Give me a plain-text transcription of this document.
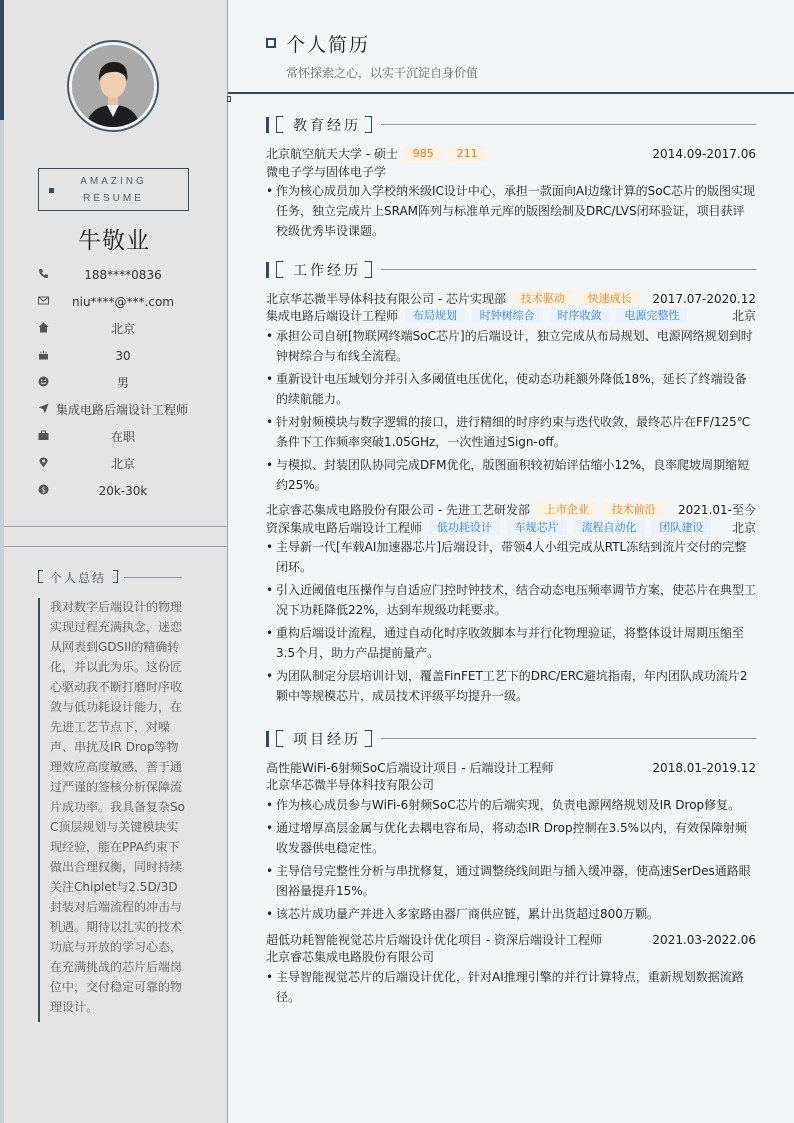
AMAZING
RESUME
牛敬业
188****0836
niu****@***.com
北京
30
男
集成电路后端设计工程师
在职
北京
$	20k-30k
个人总结
我对数字后端设计的物理实现过程充满执念，迷恋从网表到GDSII的精确转化，并以此为乐。这份匠心驱动我不断打磨时序收敛与低功耗设计能力，在先进工艺节点下，对噪声、串扰及IR Drop等物理效应高度敏感，善于通过严谨的签核分析保障流片成功率。我具备复杂SoC顶层规划与关键模块实现经验，能在PPA约束下做出合理权衡，同时持续关注Chiplet与2.5D/3D封装对后端流程的冲击与机遇。期待以扎实的技术功底与开放的学习心态，在充满挑战的芯片后端岗位中，交付稳定可靠的物理设计。
个人简历
常怀探索之心，以实干沉淀自身价值
教育经历
北京航空航天大学 - 硕士 985 211	2014.09-2017.06
微电子学与固体电子学
• 作为核心成员加入学校纳米级IC设计中心，承担一款面向AI边缘计算的SoC芯片的版图实现任务，独立完成片上SRAM阵列与标准单元库的版图绘制及DRC/LVS闭环验证，项目获评校级优秀毕设课题。
工作经历
北京华芯微半导体科技有限公司 - 芯片实现部 技术驱动 快速成长	2017.07-2020.12
集成电路后端设计工程师 布局规划 时钟树综合 时序收敛 电源完整性	北京
• 承担公司自研[物联网终端SoC芯片]的后端设计，独立完成从布局规划、电源网络规划到时钟树综合与布线全流程。
• 重新设计电压域划分并引入多阈值电压优化，使动态功耗额外降低18%，延长了终端设备的续航能力。
• 针对射频模块与数字逻辑的接口，进行精细的时序约束与迭代收敛，最终芯片在FF/125℃条件下工作频率突破1.05GHz，一次性通过Sign-off。
• 与模拟、封装团队协同完成DFM优化，版图面积较初始评估缩小12%，良率爬坡周期缩短约25%。
北京睿芯集成电路股份有限公司 - 先进工艺研发部 上市企业 技术前沿	2021.01-至今
资深集成电路后端设计工程师 低功耗设计 车规芯片 流程自动化 团队建设	北京
• 主导新一代[车载AI加速器芯片]后端设计，带领4人小组完成从RTL冻结到流片交付的完整闭环。
• 引入近阈值电压操作与自适应门控时钟技术，结合动态电压频率调节方案，使芯片在典型工况下功耗降低22%，达到车规级功耗要求。
• 重构后端设计流程，通过自动化时序收敛脚本与并行化物理验证，将整体设计周期压缩至3.5个月，助力产品提前量产。
• 为团队制定分层培训计划，覆盖FinFET工艺下的DRC/ERC避坑指南，年内团队成功流片2颗中等规模芯片，成员技术评级平均提升一级。
项目经历
高性能WiFi-6射频SoC后端设计项目 - 后端设计工程师	2018.01-2019.12
北京华芯微半导体科技有限公司
• 作为核心成员参与WiFi-6射频SoC芯片的后端实现，负责电源网络规划及IR Drop修复。
• 通过增厚高层金属与优化去耦电容布局，将动态IR Drop控制在3.5%以内，有效保障射频收发器供电稳定性。
• 主导信号完整性分析与串扰修复，通过调整绕线间距与插入缓冲器，使高速SerDes通路眼图裕量提升15%。
• 该芯片成功量产并进入多家路由器厂商供应链，累计出货超过800万颗。
超低功耗智能视觉芯片后端设计优化项目 - 资深后端设计工程师	2021.03-2022.06
北京睿芯集成电路股份有限公司
• 主导智能视觉芯片的后端设计优化，针对AI推理引擎的并行计算特点，重新规划数据流路径。
